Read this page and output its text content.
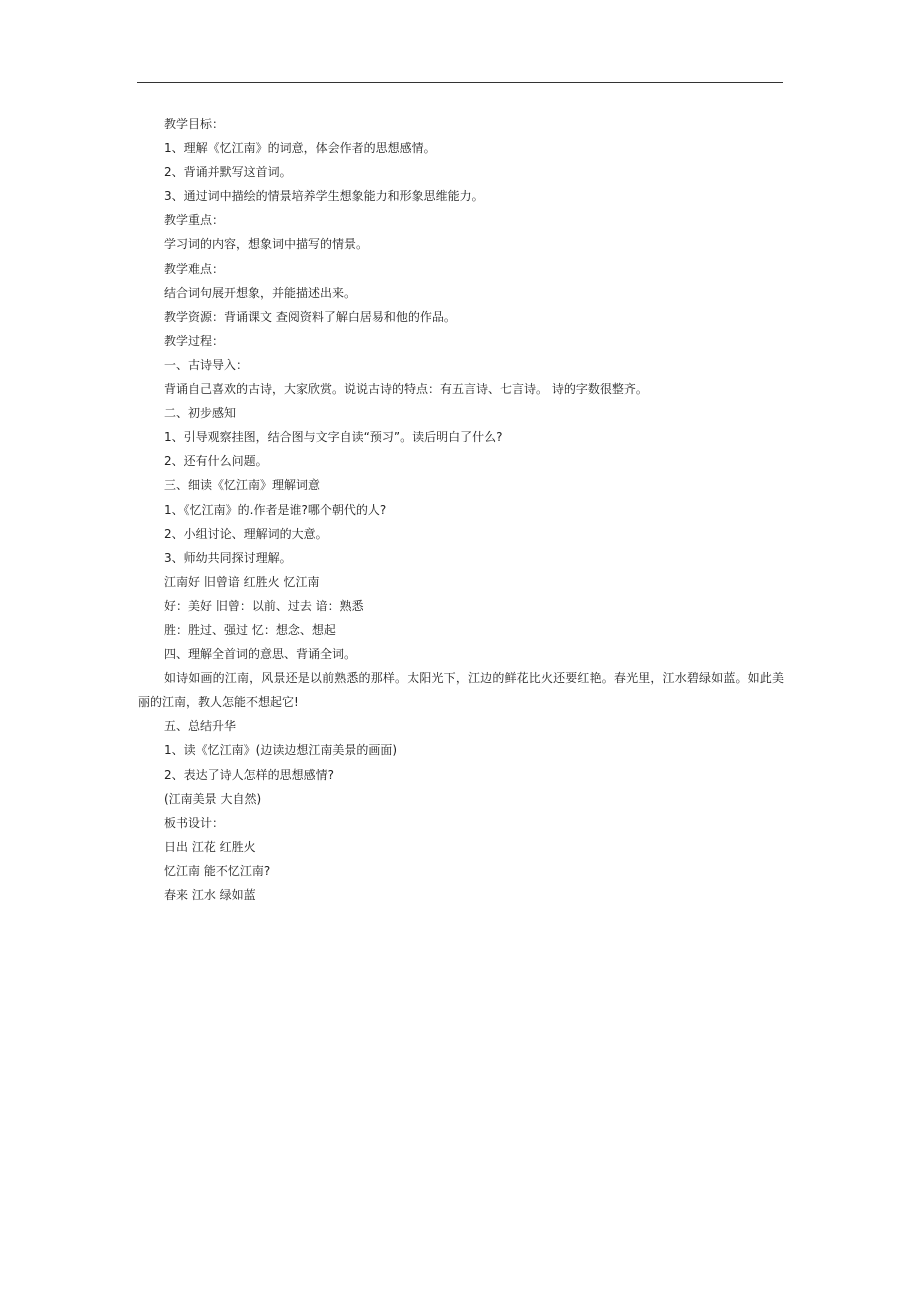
教学目标：
1、理解《忆江南》的词意，体会作者的思想感情。
2、背诵并默写这首词。
3、通过词中描绘的情景培养学生想象能力和形象思维能力。
教学重点：
学习词的内容，想象词中描写的情景。
教学难点：
结合词句展开想象，并能描述出来。
教学资源：背诵课文 查阅资料了解白居易和他的作品。
教学过程：
一、古诗导入：
背诵自己喜欢的古诗，大家欣赏。说说古诗的特点：有五言诗、七言诗。 诗的字数很整齐。
二、初步感知
1、引导观察挂图，结合图与文字自读“预习”。读后明白了什么?
2、还有什么问题。
三、细读《忆江南》理解词意
1、《忆江南》的.作者是谁?哪个朝代的人?
2、小组讨论、理解词的大意。
3、师幼共同探讨理解。
江南好 旧曾谙 红胜火 忆江南
好：美好 旧曾：以前、过去 谙：熟悉
胜：胜过、强过 忆：想念、想起
四、理解全首词的意思、背诵全词。
如诗如画的江南，风景还是以前熟悉的那样。太阳光下，江边的鲜花比火还要红艳。春光里，江水碧绿如蓝。如此美丽的江南，教人怎能不想起它!
五、总结升华
1、读《忆江南》(边读边想江南美景的画面)
2、表达了诗人怎样的思想感情?
(江南美景 大自然)
板书设计：
日出 江花 红胜火
忆江南 能不忆江南?
春来 江水 绿如蓝
